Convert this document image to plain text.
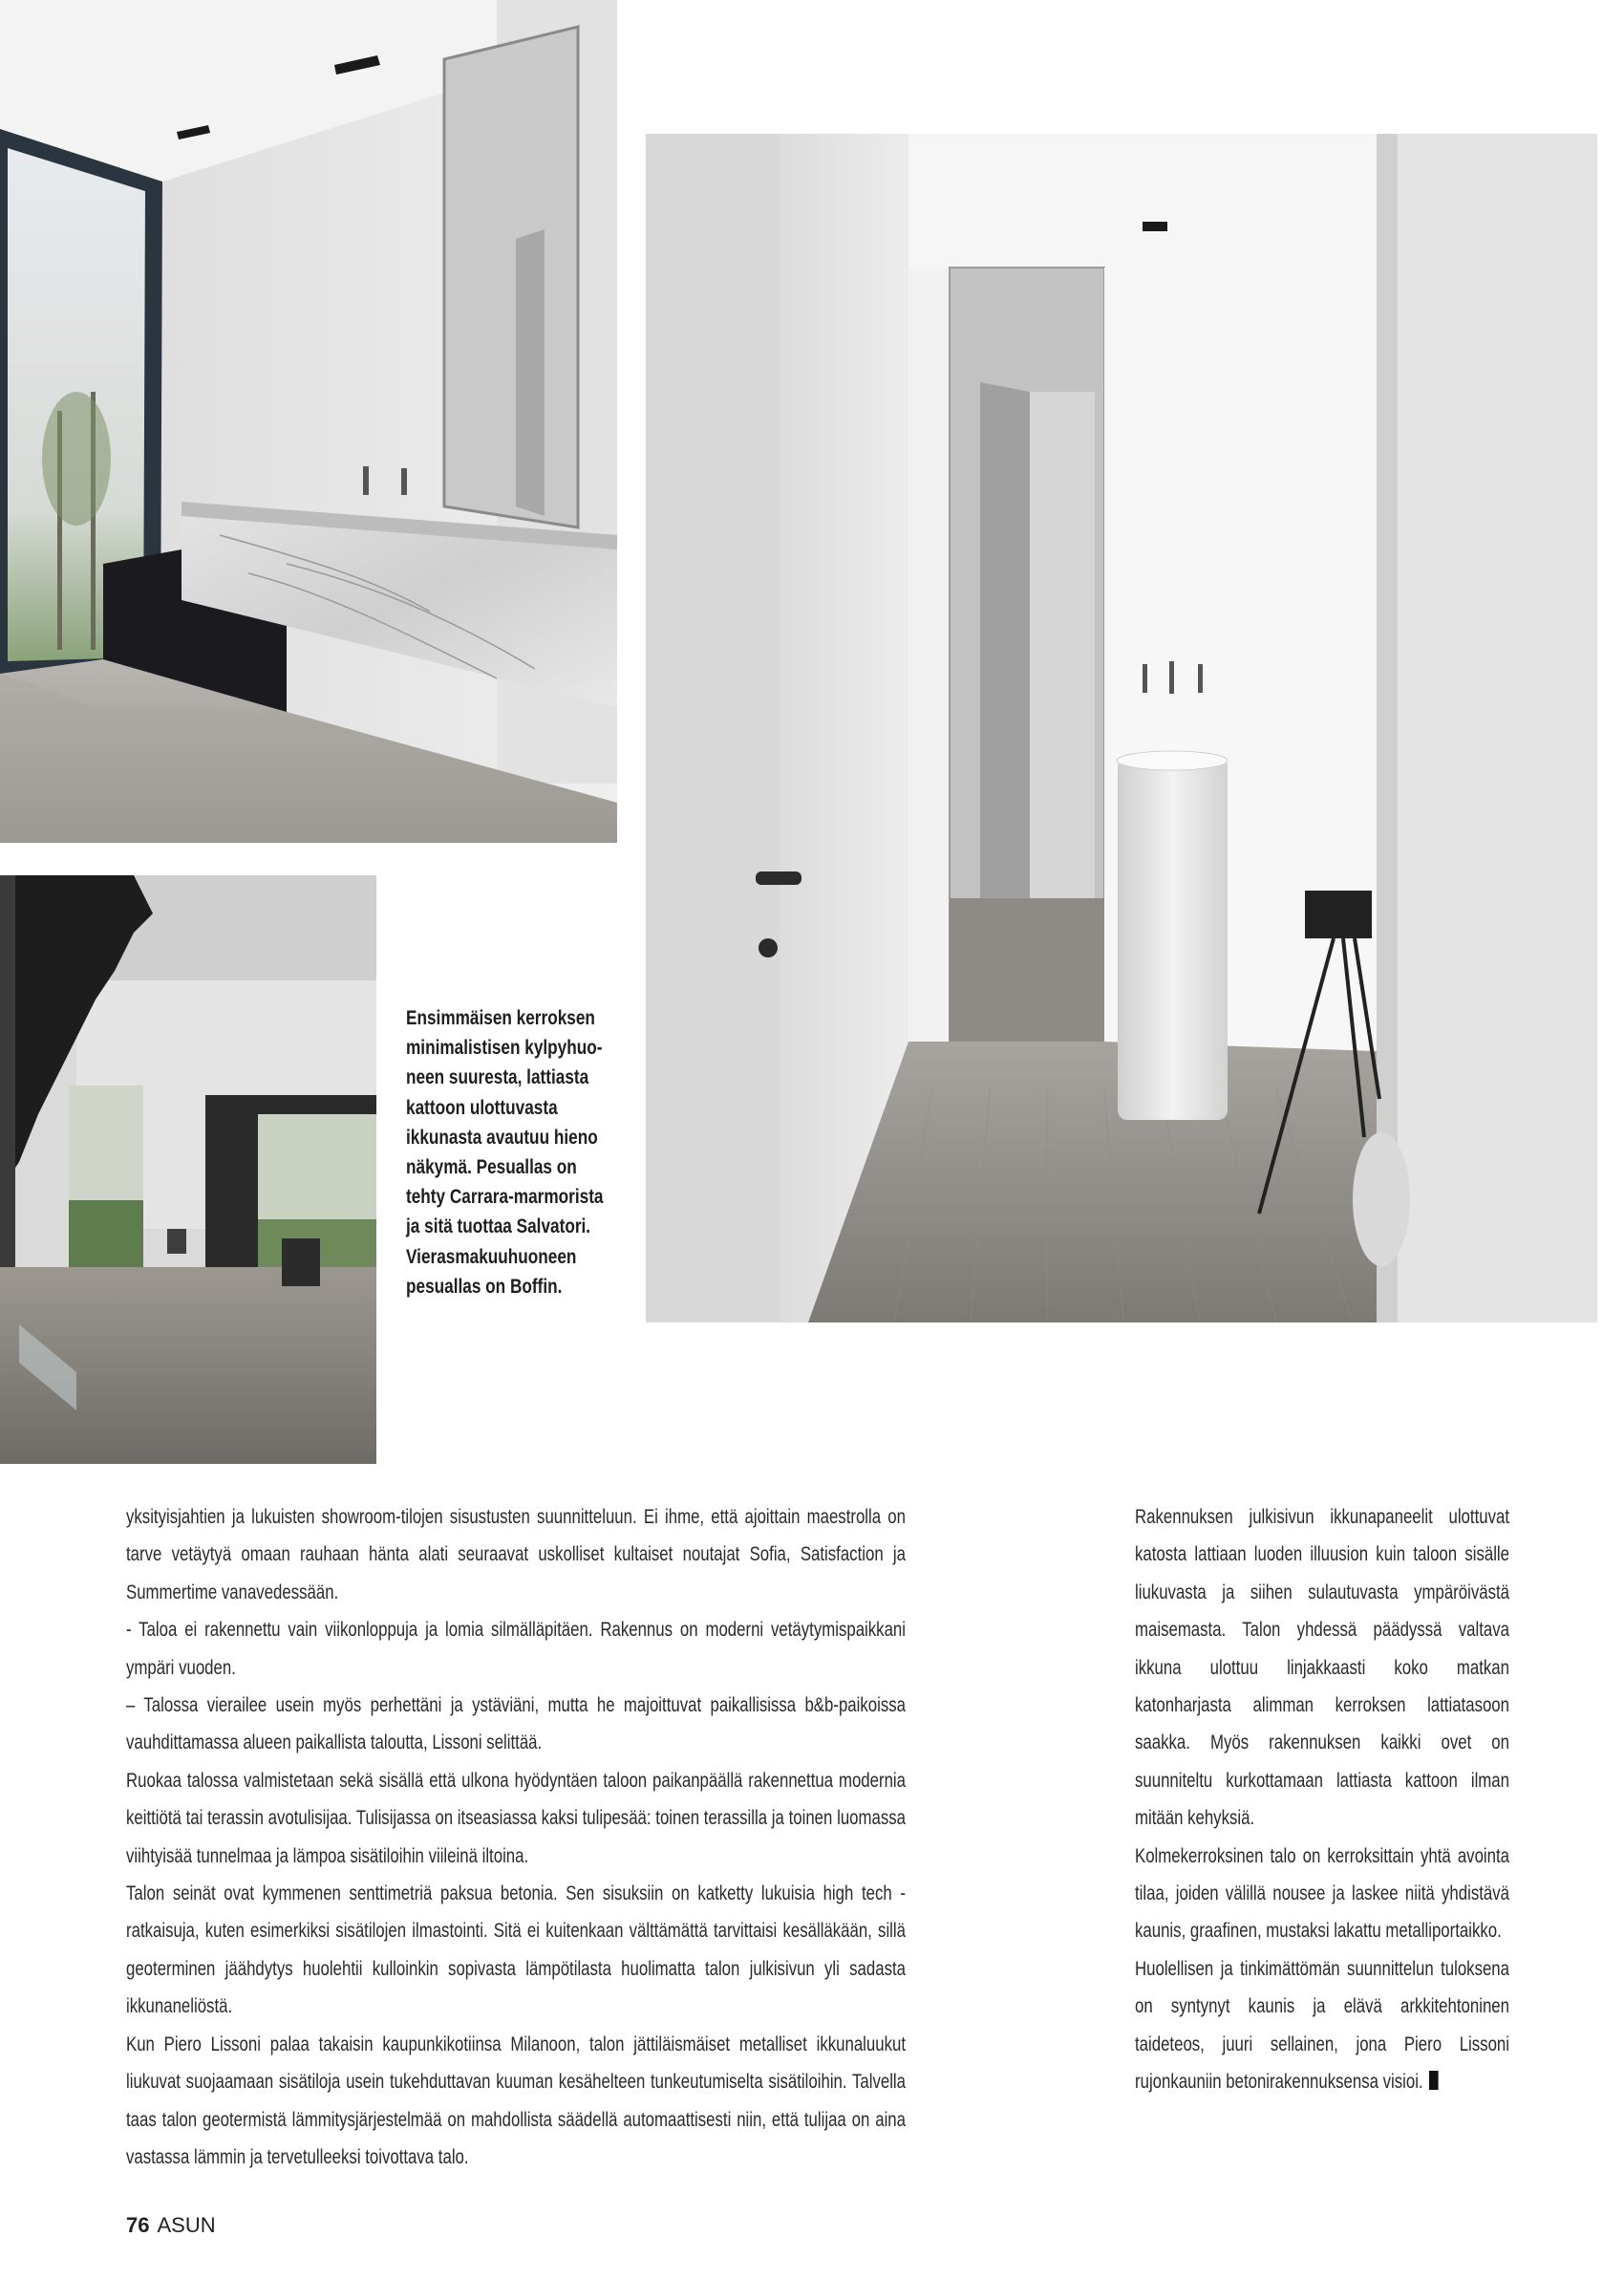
Ensimmäisen kerroksen
minimalistisen kylpyhuo-
neen suuresta, lattiasta
kattoon ulottuvasta
ikkunasta avautuu hieno
näkymä. Pesuallas on
tehty Carrara-marmorista
ja sitä tuottaa Salvatori.
Vierasmakuuhuoneen
pesuallas on Boffin.

yksityisjahtien ja lukuisten showroom-tilojen sisustusten suunnitteluun. Ei ihme, että ajoittain maestrolla on tarve vetäytyä omaan rauhaan hänta alati seuraavat uskolliset kultaiset noutajat Sofia, Satisfaction ja Summertime vanavedessään.

- Taloa ei rakennettu vain viikonloppuja ja lomia silmälläpitäen. Rakennus on moderni vetäytymispaikkani ympäri vuoden.

– Talossa vierailee usein myös perhettäni ja ystäviäni, mutta he majoittuvat paikallisissa b&b-paikoissa vauhdittamassa alueen paikallista taloutta, Lissoni selittää.

Ruokaa talossa valmistetaan sekä sisällä että ulkona hyödyntäen taloon paikanpäällä rakennettua modernia keittiötä tai terassin avotulisijaa. Tulisijassa on itseasiassa kaksi tulipesää: toinen terassilla ja toinen luomassa viihtyisää tunnelmaa ja lämpoa sisätiloihin viileinä iltoina.

Talon seinät ovat kymmenen senttimetriä paksua betonia. Sen sisuksiin on katketty lukuisia high tech -ratkaisuja, kuten esimerkiksi sisätilojen ilmastointi. Sitä ei kuitenkaan välttämättä tarvittaisi kesälläkään, sillä geoterminen jäähdytys huolehtii kulloinkin sopivasta lämpötilasta huolimatta talon julkisivun yli sadasta ikkunaneliöstä.

Kun Piero Lissoni palaa takaisin kaupunkikotiinsa Milanoon, talon jättiläismäiset metalliset ikkunaluukut liukuvat suojaamaan sisätiloja usein tukehduttavan kuuman kesähelteen tunkeutumiselta sisätiloihin. Talvella taas talon geotermistä lämmitysjärjestelmää on mahdollista säädellä automaattisesti niin, että tulijaa on aina vastassa lämmin ja tervetulleeksi toivottava talo.

Rakennuksen julkisivun ikkunapaneelit ulottuvat katosta lattiaan luoden illuusion kuin taloon sisälle liukuvasta ja siihen sulautuvasta ympäröivästä maisemasta. Talon yhdessä päädyssä valtava ikkuna ulottuu linjakkaasti koko matkan katonharjasta alimman kerroksen lattiatasoon saakka. Myös rakennuksen kaikki ovet on suunniteltu kurkottamaan lattiasta kattoon ilman mitään kehyksiä.

Kolmekerroksinen talo on kerroksittain yhtä avointa tilaa, joiden välillä nousee ja laskee niitä yhdistävä kaunis, graafinen, mustaksi lakattu metalliportaikko.

Huolellisen ja tinkimättömän suunnittelun tuloksena on syntynyt kaunis ja elävä arkkitehtoninen taideteos, juuri sellainen, jona Piero Lissoni rujonkauniin betonirakennuksensa visioi.

76 ASUN
